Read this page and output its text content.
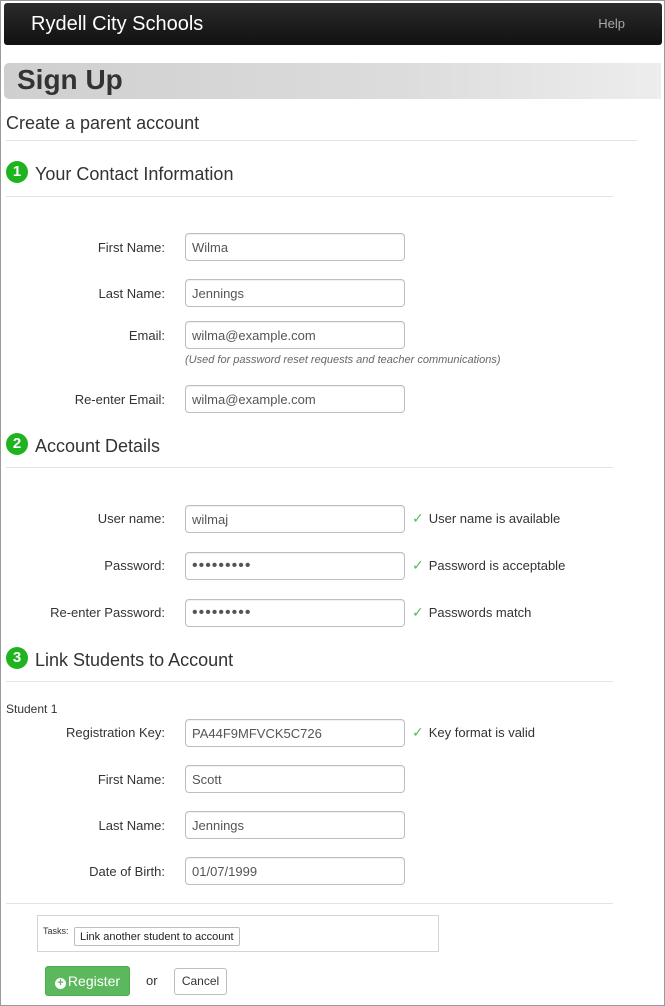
Rydell City Schools	Help
Sign Up
Create a parent account
1 Your Contact Information
First Name:
Wilma
Last Name:
Jennings
Email:
wilma@example.com
(Used for password reset requests and teacher communications)
Re-enter Email:
wilma@example.com
2 Account Details
User name:
wilmaj	✓ User name is available
Password:
•••••••••	✓ Password is acceptable
Re-enter Password:
•••••••••	✓ Passwords match
3 Link Students to Account
Student 1
Registration Key:
PA44F9MFVCK5C726	✓ Key format is valid
First Name:
Scott
Last Name:
Jennings
Date of Birth:
01/07/1999
Tasks:	Link another student to account
+ Register	or	Cancel
